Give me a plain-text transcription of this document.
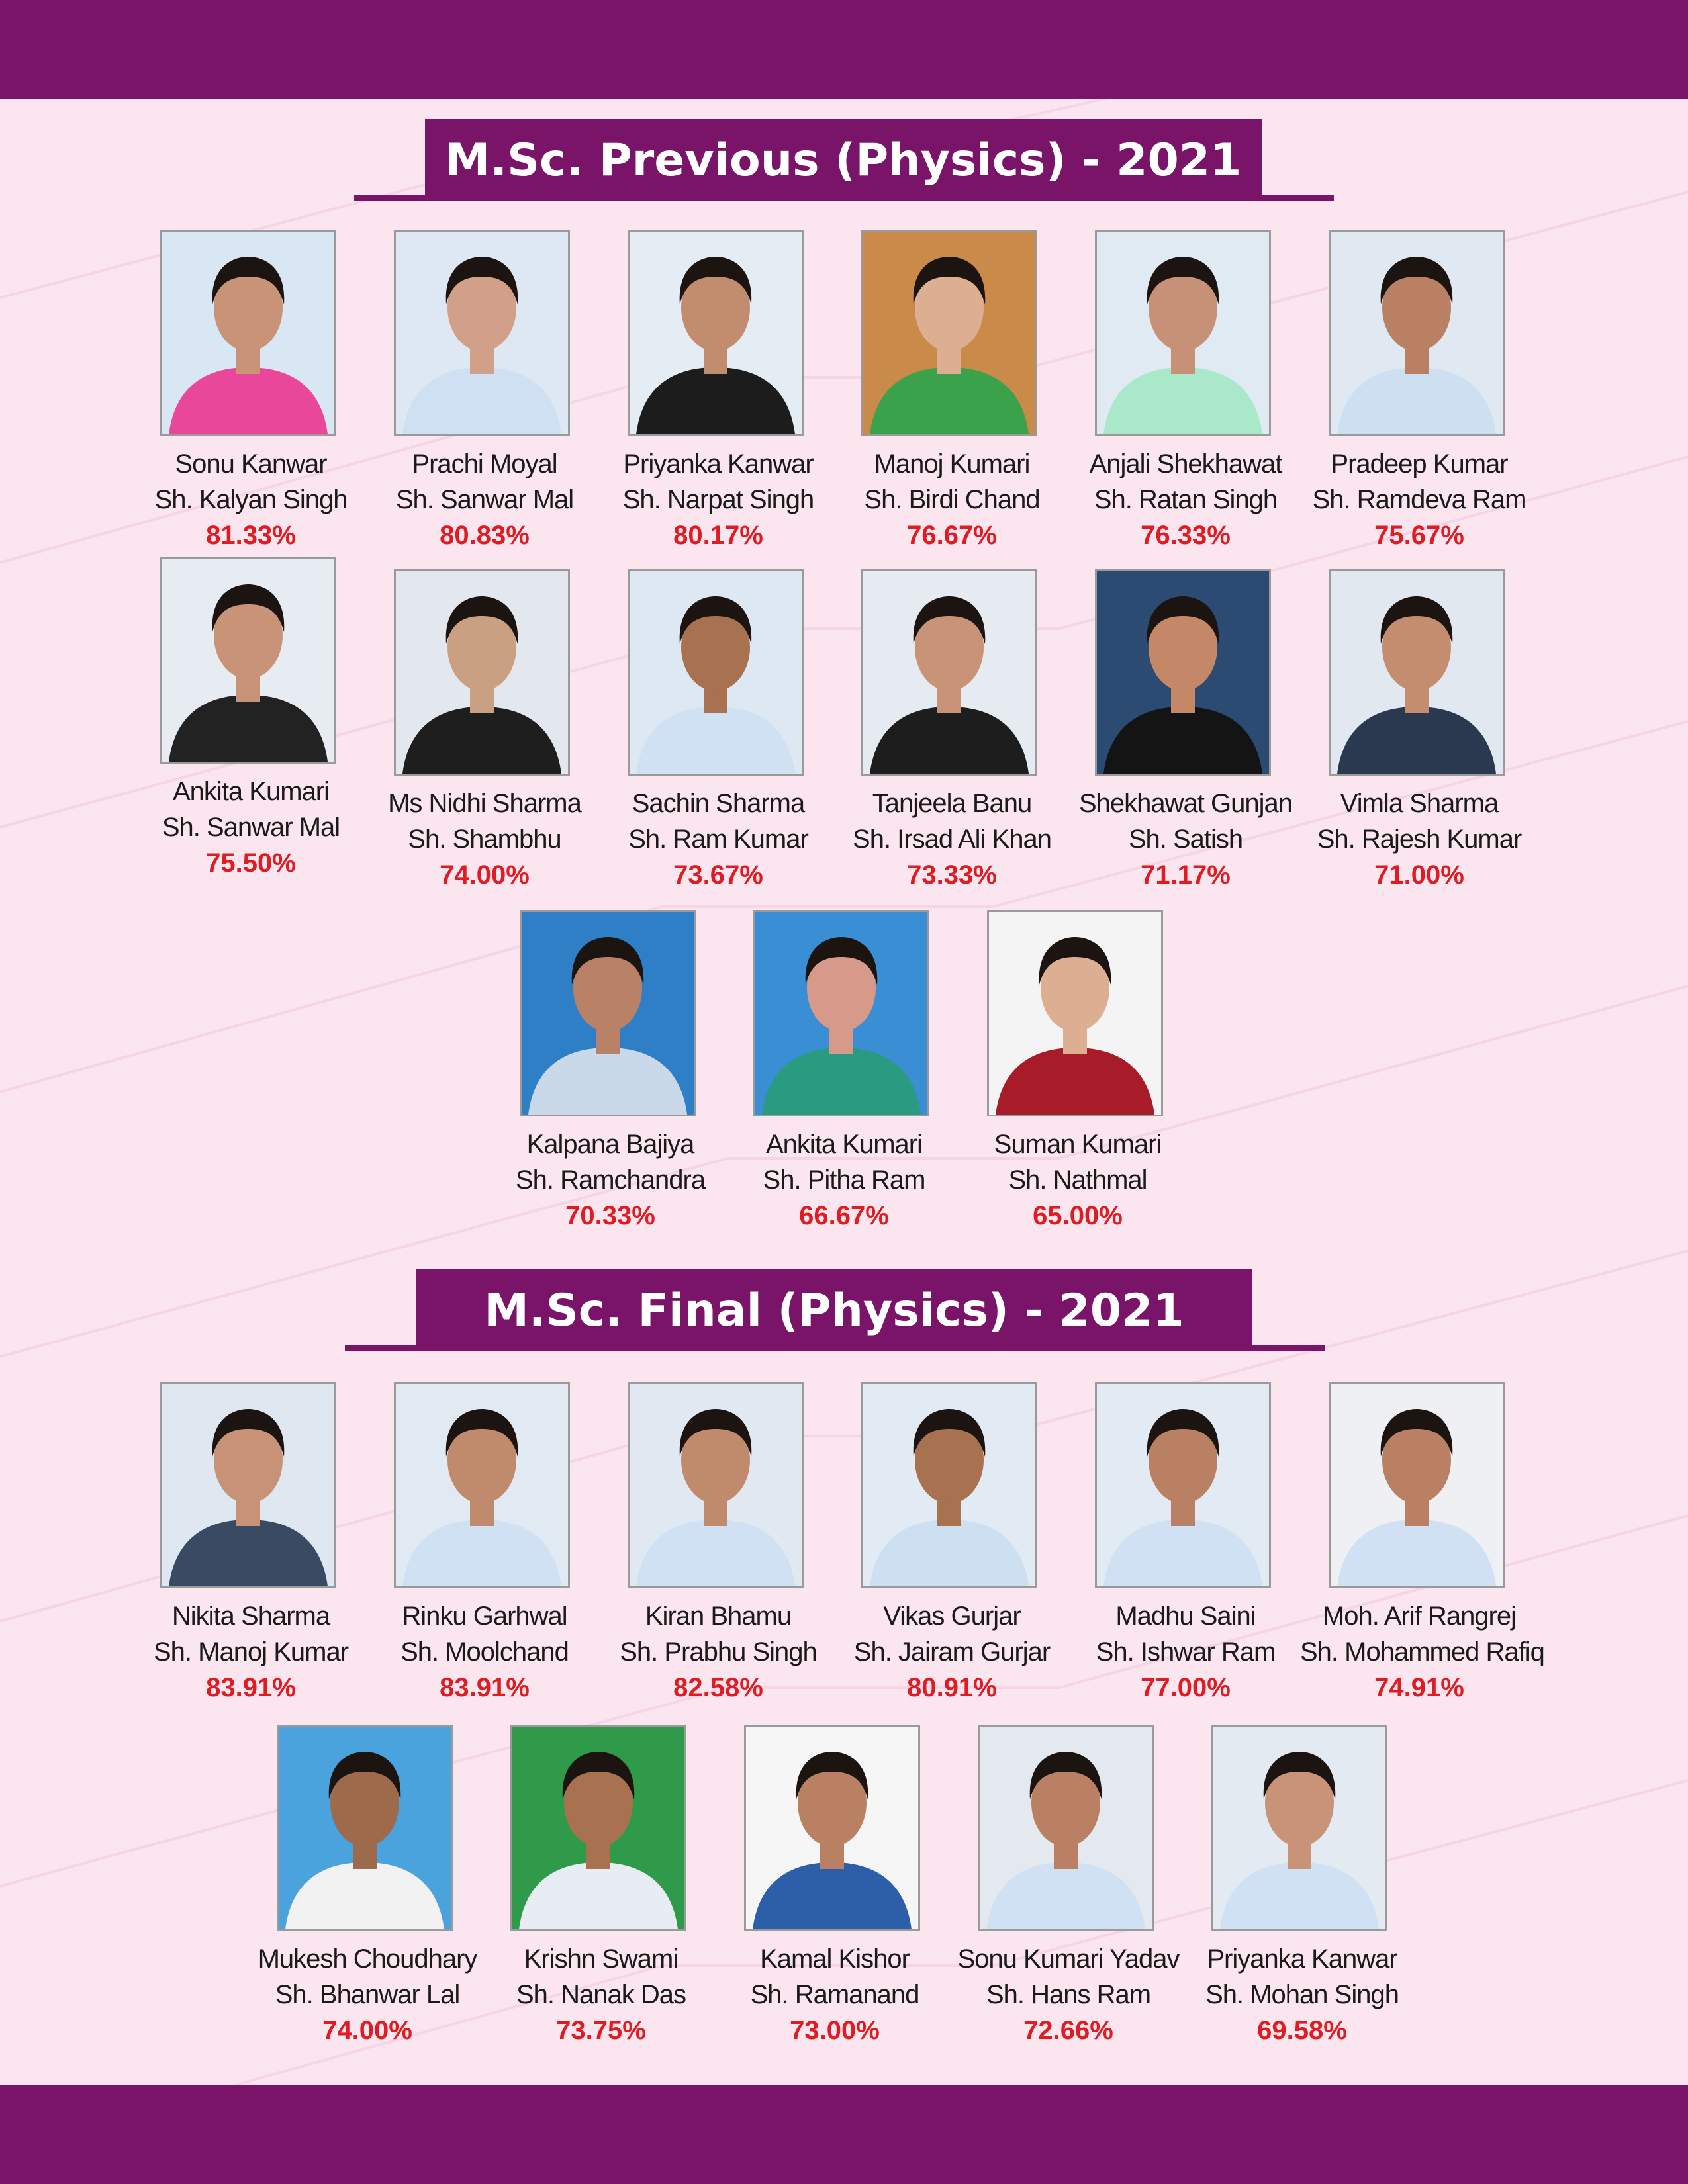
M.Sc. Previous (Physics) - 2021
Sonu Kanwar
Sh. Kalyan Singh
81.33%
Prachi Moyal
Sh. Sanwar Mal
80.83%
Priyanka Kanwar
Sh. Narpat Singh
80.17%
Manoj Kumari
Sh. Birdi Chand
76.67%
Anjali Shekhawat
Sh. Ratan Singh
76.33%
Pradeep Kumar
Sh. Ramdeva Ram
75.67%
Ankita Kumari
Sh. Sanwar Mal
75.50%
Ms Nidhi Sharma
Sh. Shambhu
74.00%
Sachin Sharma
Sh. Ram Kumar
73.67%
Tanjeela Banu
Sh. Irsad Ali Khan
73.33%
Shekhawat Gunjan
Sh. Satish
71.17%
Vimla Sharma
Sh. Rajesh Kumar
71.00%
Kalpana Bajiya
Sh. Ramchandra
70.33%
Ankita Kumari
Sh. Pitha Ram
66.67%
Suman Kumari
Sh. Nathmal
65.00%
M.Sc. Final (Physics) - 2021
Nikita Sharma
Sh. Manoj Kumar
83.91%
Rinku Garhwal
Sh. Moolchand
83.91%
Kiran Bhamu
Sh. Prabhu Singh
82.58%
Vikas Gurjar
Sh. Jairam Gurjar
80.91%
Madhu Saini
Sh. Ishwar Ram
77.00%
Moh. Arif Rangrej
Sh. Mohammed Rafiq
74.91%
Mukesh Choudhary
Sh. Bhanwar Lal
74.00%
Krishn Swami
Sh. Nanak Das
73.75%
Kamal Kishor
Sh. Ramanand
73.00%
Sonu Kumari Yadav
Sh. Hans Ram
72.66%
Priyanka Kanwar
Sh. Mohan Singh
69.58%
